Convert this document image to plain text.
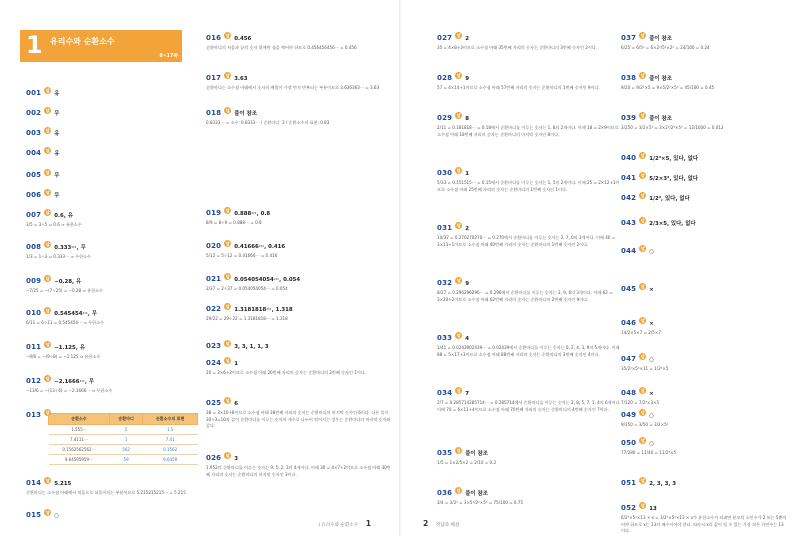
1 유리수와 순환소수
8~17쪽
001 답유
002 답무
003 답유
004 답유
005 답무
006 답무
007 답0.6, 유
3/5 = 3÷5 = 0.6 ⇒ 유한소수
008 답0.333⋯, 무
1/3 = 1÷3 = 0.333⋯ ⇒ 무한소수
009 답−0.28, 유
−7/25 = −(7÷25) = −0.28 ⇒ 유한소수
010 답0.545454⋯, 무
6/11 = 6÷11 = 0.545454⋯ ⇒ 무한소수
011 답−1.125, 유
−9/8 = −(9÷8) = −1.125 ⇒ 유한소수
012 답−2.1666⋯, 무
−13/6 = −(13÷6) = −2.1666⋯ ⇒ 무한소수
013 답
순환소수	순환마디	순환소수의 표현
1.555⋯	5	1.5
7.4111⋯	1	7.41
0.1562562562⋯	562	0.1562
9.64595959⋯	59	9.6459
014 답5.215
순환마디는 소수점 아래에서 처음으로 되풀이되는 부분이므로 5.215215215⋯ = 5.215
015 답○
016 답0.456
순환마디의 처음과 끝의 숫자 위에만 점을 찍어야 하므로 0.456456456⋯ = 0.456
017 답3.63
순환마디는 소수점 아래에서 숫자의 배열이 가장 먼저 반복되는 부분이므로 3.636363⋯ = 3.63
018 답풀이 참조
0.8333⋯ = 소수: 0.8333⋯ / 순환마디: 3 / 순환소수의 표현: 0.83
019 답0.888⋯, 0.8
8/9 = 8÷9 = 0.888⋯ = 0.8
020 답0.41666⋯, 0.416
5/12 = 5÷12 = 0.41666⋯ = 0.416
021 답0.054054054⋯, 0.054
2/37 = 2÷37 = 0.054054054⋯ = 0.054
022 답1.3181818⋯, 1.318
29/22 = 29÷22 = 1.3181818⋯ = 1.318
023 답3, 3, 1, 1, 3
024 답1
20 = 3×6+2이므로 소수점 아래 20번째 자리의 숫자는 순환마디의 2번째 숫자인 1이다.
025 답6
38 = 3×10+8이므로 소수점 아래 38번째 자리의 숫자는 순환마디의 마지막 숫자인 6이다. 다른 풀이 30÷3=10과 같이 순환마디를 이루는 숫자의 개수로 나누어 떨어지는 경우는 순환마디의 마지막 숫자와 같다.
026 답3
1.952의 순환마디를 이루는 숫자는 9, 5, 2, 3의 4개이다. 이때 30 = 4×7+2이므로 소수점 아래 30번째 자리의 숫자는 순환마디의 마지막 숫자인 3이다.
I 유리수와 순환소수 1
027 답2
35 = 4×8+3이므로 소수점 아래 35번째 자리의 숫자는 순환마디의 3번째 숫자인 2이다.
028 답9
57 = 4×14+1이므로 소수점 아래 57번째 자리의 숫자는 순환마디의 1번째 숫자인 9이다.
029 답8
2/11 = 0.181818⋯ = 0.18에서 순환마디를 이루는 숫자는 1, 8의 2개이다. 이때 18 = 2×9이므로 소수점 아래 18번째 자리의 숫자는 순환마디의 마지막 숫자인 8이다.
030 답1
5/33 = 0.151515⋯ = 0.15에서 순환마디를 이루는 숫자는 1, 5의 2개이다. 이때 25 = 2×12+1이므로 소수점 아래 25번째 자리의 숫자는 순환마디의 1번째 숫자인 1이다.
031 답2
10/37 = 0.270270270⋯ = 0.270에서 순환마디를 이루는 숫자는 2, 7, 0의 3개이다. 이때 40 = 3×13+1이므로 소수점 아래 40번째 자리의 숫자는 순환마디의 1번째 숫자인 2이다.
032 답9
8/27 = 0.296296296⋯ = 0.296에서 순환마디를 이루는 숫자는 2, 9, 6의 3개이다. 이때 62 = 3×20+2이므로 소수점 아래 62번째 자리의 숫자는 순환마디의 2번째 숫자인 9이다.
033 답4
1/41 = 0.0243902439⋯ = 0.02439에서 순환마디를 이루는 숫자는 0, 2, 4, 3, 9의 5개이다. 이때 88 = 5×17+3이므로 소수점 아래 88번째 자리의 숫자는 순환마디의 3번째 숫자인 4이다.
034 답7
2/7 = 0.285714285714⋯ = 0.285714에서 순환마디를 이루는 숫자는 2, 8, 5, 7, 1, 4의 6개이다. 이때 70 = 6×11+4이므로 소수점 아래 70번째 자리의 숫자는 순환마디의 4번째 숫자인 7이다.
035 답풀이 참조
1/5 = 1×2/5×2 = 2/10 = 0.2
036 답풀이 참조
3/4 = 3/2² = 3×5²/2²×5² = 75/100 = 0.75
037 답풀이 참조
6/25 = 6/5² = 6×2²/5²×2² = 24/100 = 0.24
038 답풀이 참조
9/20 = 9/2²×5 = 9×5/2²×5² = 45/100 = 0.45
039 답풀이 참조
3/250 = 3/2×5³ = 3×2²/2³×5³ = 12/1000 = 0.012
040 답1/2³×5, 있다, 없다
041 답5/2×3², 있다, 없다
042 답1/2⁴, 있다, 없다
043 답2/3×5, 있다, 없다
044 답○
045 답×
046 답×
14/2×5×7 = 2/5×7
047 답○
35/2²×5²×11 = 1/2²×5
048 답×
7/120 = 7/2³×3×5
049 답○
9/150 = 3/50 = 3/2×5²
050 답○
77/280 = 11/40 = 11/2³×5
051 답2, 3, 3, 3
052 답13
6/2³×5²×13 × x = 3/2²×5²×13 × x가 유한소수가 되려면 분모의 소인수가 2 또는 5뿐이어야 하므로 x는 13의 배수이어야 한다. 따라서 x의 값이 될 수 있는 가장 작은 자연수는 13이다.
2 정답과 해설
